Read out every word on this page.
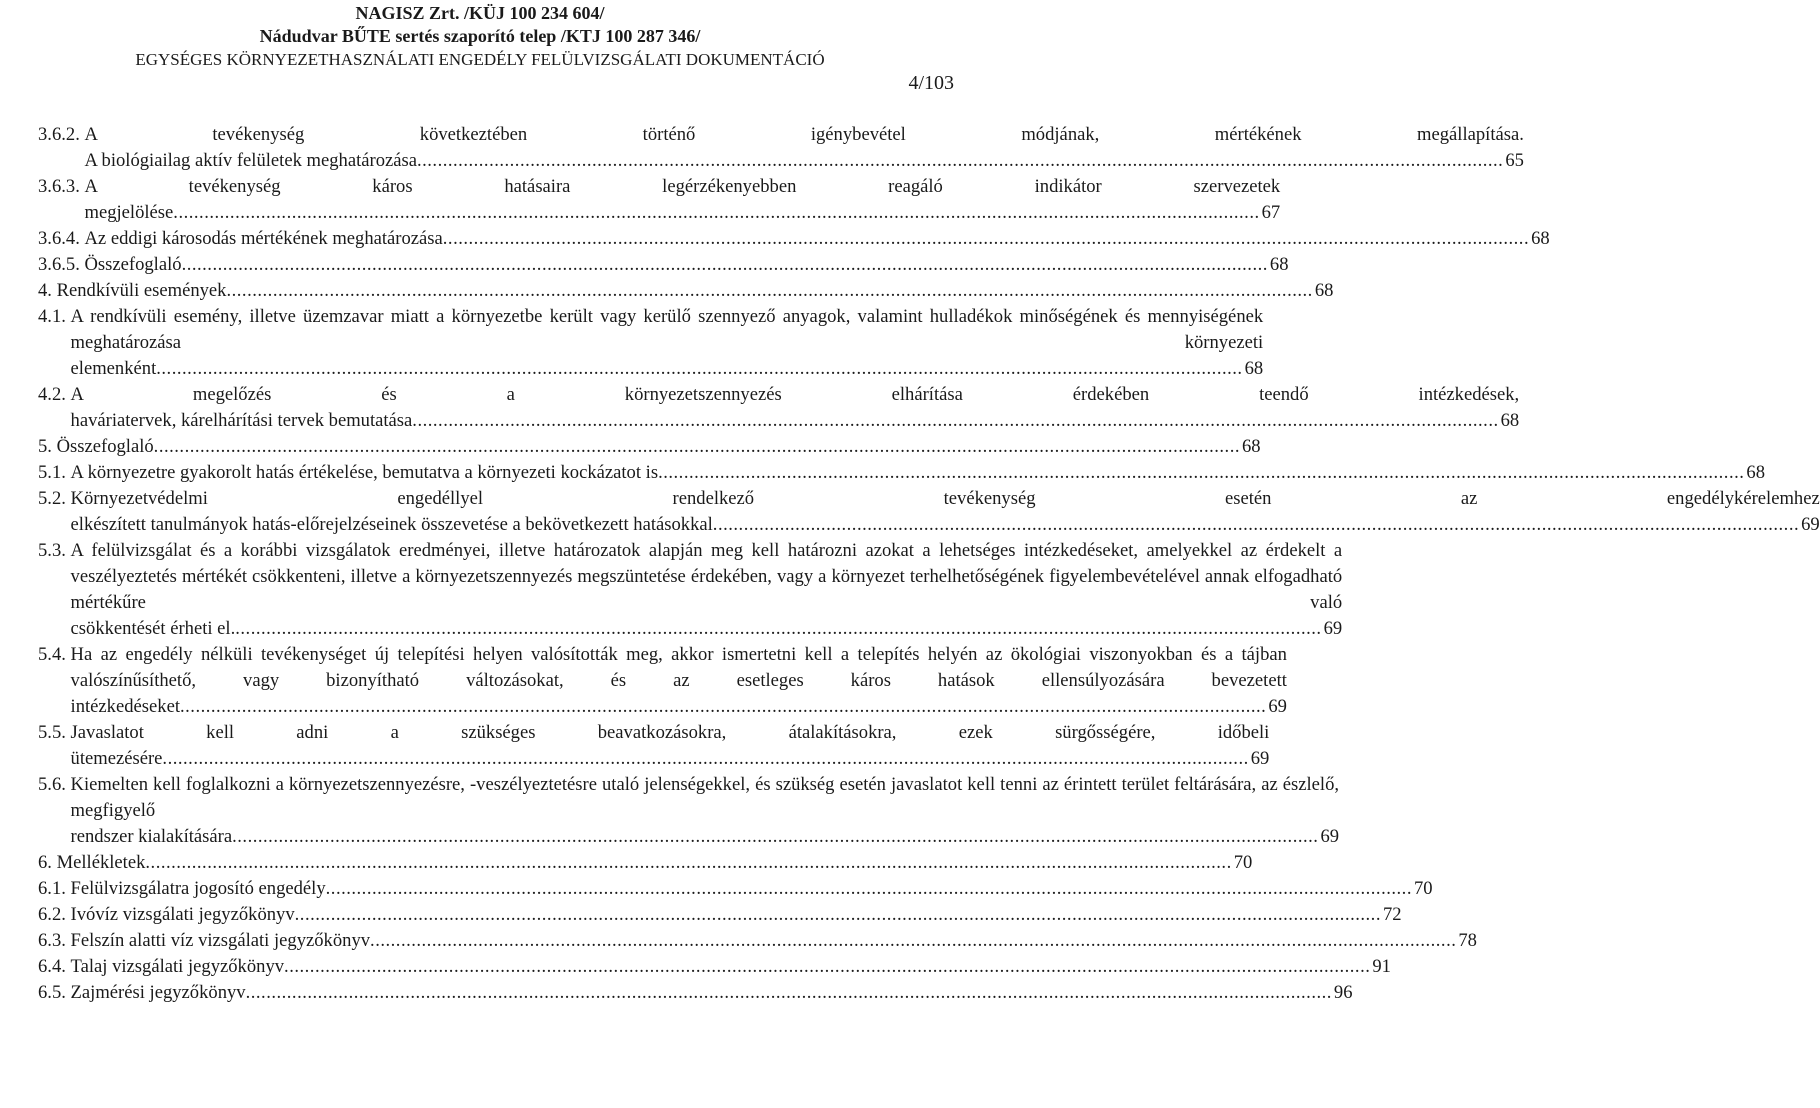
NAGISZ Zrt. /KÜJ 100 234 604/
Nádudvar BŰTE sertés szaporító telep /KTJ 100 287 346/
EGYSÉGES KÖRNYEZETHASZNÁLATI ENGEDÉLY FELÜLVIZSGÁLATI DOKUMENTÁCIÓ
4/103
3.6.2. A tevékenység következtében történő igénybevétel módjának, mértékének megállapítása.
A biológiailag aktív felületek meghatározása .....	65
3.6.3. A tevékenység káros hatásaira legérzékenyebben reagáló indikátor szervezetek
megjelölése .....	67
3.6.4. Az eddigi károsodás mértékének meghatározása .....	68
3.6.5. Összefoglaló .....	68
4. Rendkívüli események .....	68
4.1. A rendkívüli esemény, illetve üzemzavar miatt a környezetbe került vagy kerülő szennyező anyagok, valamint hulladékok minőségének és mennyiségének meghatározása környezeti
elemenként .....	68
4.2. A megelőzés és a környezetszennyezés elhárítása érdekében teendő intézkedések,
haváriatervek, kárelhárítási tervek bemutatása .....	68
5. Összefoglaló .....	68
5.1. A környezetre gyakorolt hatás értékelése, bemutatva a környezeti kockázatot is .....	68
5.2. Környezetvédelmi engedéllyel rendelkező tevékenység esetén az engedélykérelemhez
elkészített tanulmányok hatás-előrejelzéseinek összevetése a bekövetkezett hatásokkal .....	69
5.3. A felülvizsgálat és a korábbi vizsgálatok eredményei, illetve határozatok alapján meg kell határozni azokat a lehetséges intézkedéseket, amelyekkel az érdekelt a veszélyeztetés mértékét csökkenteni, illetve a környezetszennyezés megszüntetése érdekében, vagy a környezet terhelhetőségének figyelembevételével annak elfogadható mértékűre való
csökkentését érheti el. .....	69
5.4. Ha az engedély nélküli tevékenységet új telepítési helyen valósították meg, akkor ismertetni kell a telepítés helyén az ökológiai viszonyokban és a tájban valószínűsíthető, vagy bizonyítható változásokat, és az esetleges káros hatások ellensúlyozására bevezetett
intézkedéseket .....	69
5.5. Javaslatot kell adni a szükséges beavatkozásokra, átalakításokra, ezek sürgősségére, időbeli
ütemezésére .....	69
5.6. Kiemelten kell foglalkozni a környezetszennyezésre, -veszélyeztetésre utaló jelenségekkel, és szükség esetén javaslatot kell tenni az érintett terület feltárására, az észlelő, megfigyelő
rendszer kialakítására .....	69
6. Mellékletek .....	70
6.1. Felülvizsgálatra jogosító engedély .....	70
6.2. Ivóvíz vizsgálati jegyzőkönyv .....	72
6.3. Felszín alatti víz vizsgálati jegyzőkönyv .....	78
6.4. Talaj vizsgálati jegyzőkönyv .....	91
6.5. Zajmérési jegyzőkönyv .....	96
